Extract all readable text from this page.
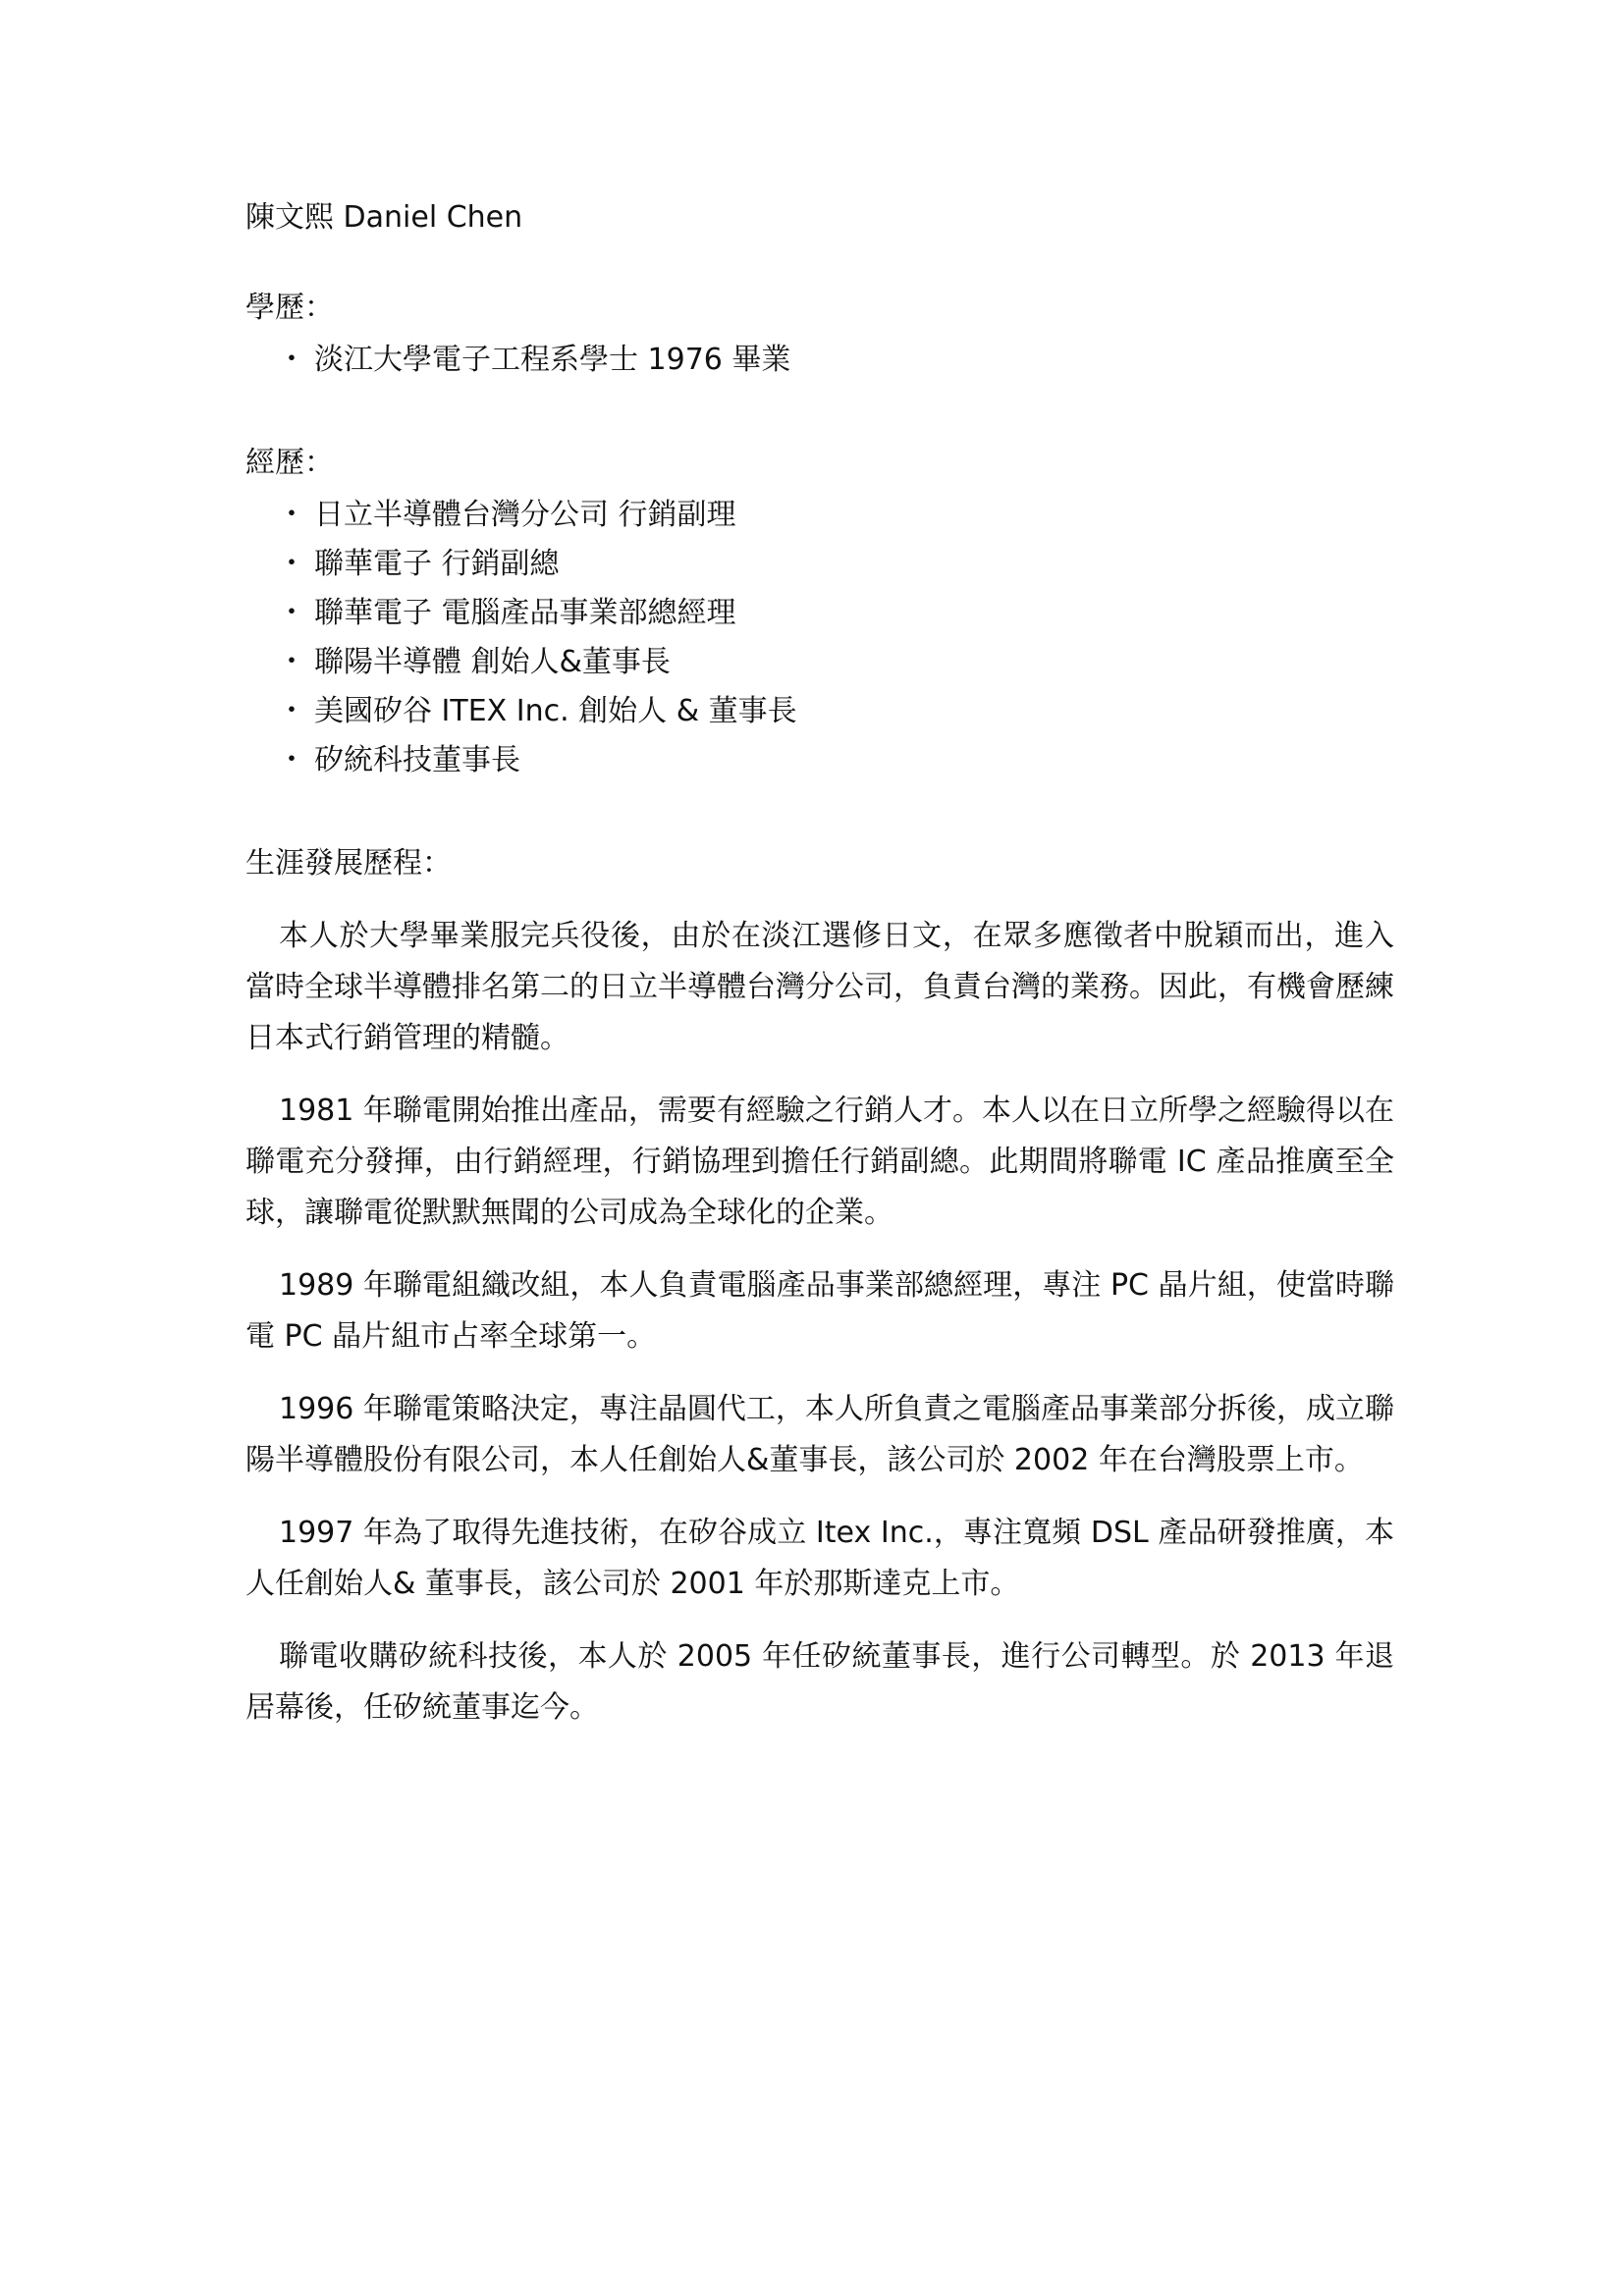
陳文熙 Daniel Chen
學歷：
・ 淡江大學電子工程系學士 1976 畢業
經歷：
・ 日立半導體台灣分公司 行銷副理
・ 聯華電子 行銷副總
・ 聯華電子 電腦產品事業部總經理
・ 聯陽半導體 創始人&董事長
・ 美國矽谷 ITEX Inc. 創始人 & 董事長
・ 矽統科技董事長
生涯發展歷程：

本人於大學畢業服完兵役後，由於在淡江選修日文，在眾多應徵者中脫穎而出，進入當時全球半導體排名第二的日立半導體台灣分公司，負責台灣的業務。因此，有機會歷練日本式行銷管理的精髓。

1981 年聯電開始推出產品，需要有經驗之行銷人才。本人以在日立所學之經驗得以在聯電充分發揮，由行銷經理，行銷協理到擔任行銷副總。此期間將聯電 IC 產品推廣至全球，讓聯電從默默無聞的公司成為全球化的企業。

1989 年聯電組織改組，本人負責電腦產品事業部總經理，專注 PC 晶片組，使當時聯電 PC 晶片組市占率全球第一。

1996 年聯電策略決定，專注晶圓代工，本人所負責之電腦產品事業部分拆後，成立聯陽半導體股份有限公司，本人任創始人&董事長，該公司於 2002 年在台灣股票上市。

1997 年為了取得先進技術，在矽谷成立 Itex Inc.，專注寬頻 DSL 產品研發推廣，本人任創始人& 董事長，該公司於 2001 年於那斯達克上市。

聯電收購矽統科技後，本人於 2005 年任矽統董事長，進行公司轉型。於 2013 年退居幕後，任矽統董事迄今。
